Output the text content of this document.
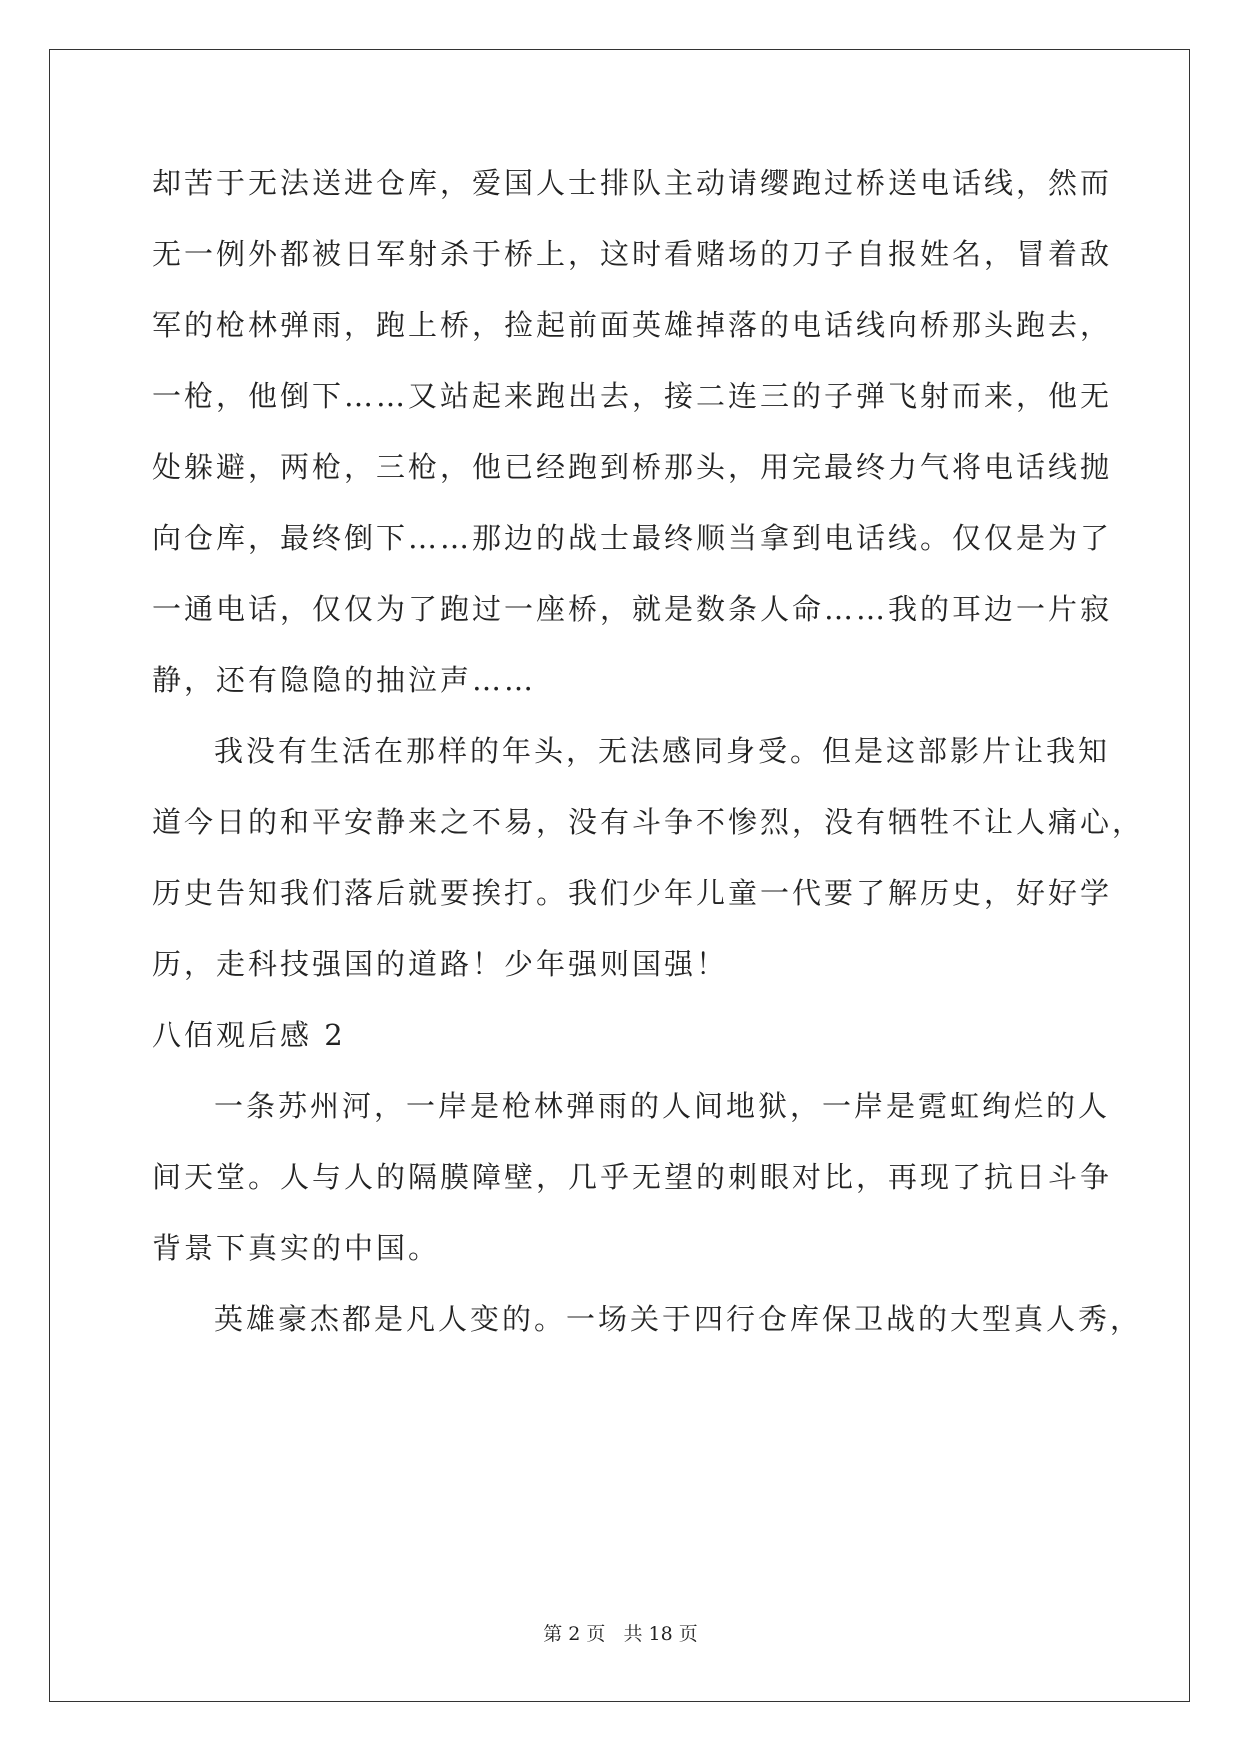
却苦于无法送进仓库，爱国人士排队主动请缨跑过桥送电话线，然而
无一例外都被日军射杀于桥上，这时看赌场的刀子自报姓名，冒着敌
军的枪林弹雨，跑上桥，捡起前面英雄掉落的电话线向桥那头跑去，
一枪，他倒下……又站起来跑出去，接二连三的子弹飞射而来，他无
处躲避，两枪，三枪，他已经跑到桥那头，用完最终力气将电话线抛
向仓库，最终倒下……那边的战士最终顺当拿到电话线。仅仅是为了
一通电话，仅仅为了跑过一座桥，就是数条人命……我的耳边一片寂
静，还有隐隐的抽泣声……
我没有生活在那样的年头，无法感同身受。但是这部影片让我知
道今日的和平安静来之不易，没有斗争不惨烈，没有牺牲不让人痛心，
历史告知我们落后就要挨打。我们少年儿童一代要了解历史，好好学
历，走科技强国的道路！少年强则国强！
八佰观后感 2
一条苏州河，一岸是枪林弹雨的人间地狱，一岸是霓虹绚烂的人
间天堂。人与人的隔膜障壁，几乎无望的刺眼对比，再现了抗日斗争
背景下真实的中国。
英雄豪杰都是凡人变的。一场关于四行仓库保卫战的大型真人秀，
第 2 页 共 18 页
